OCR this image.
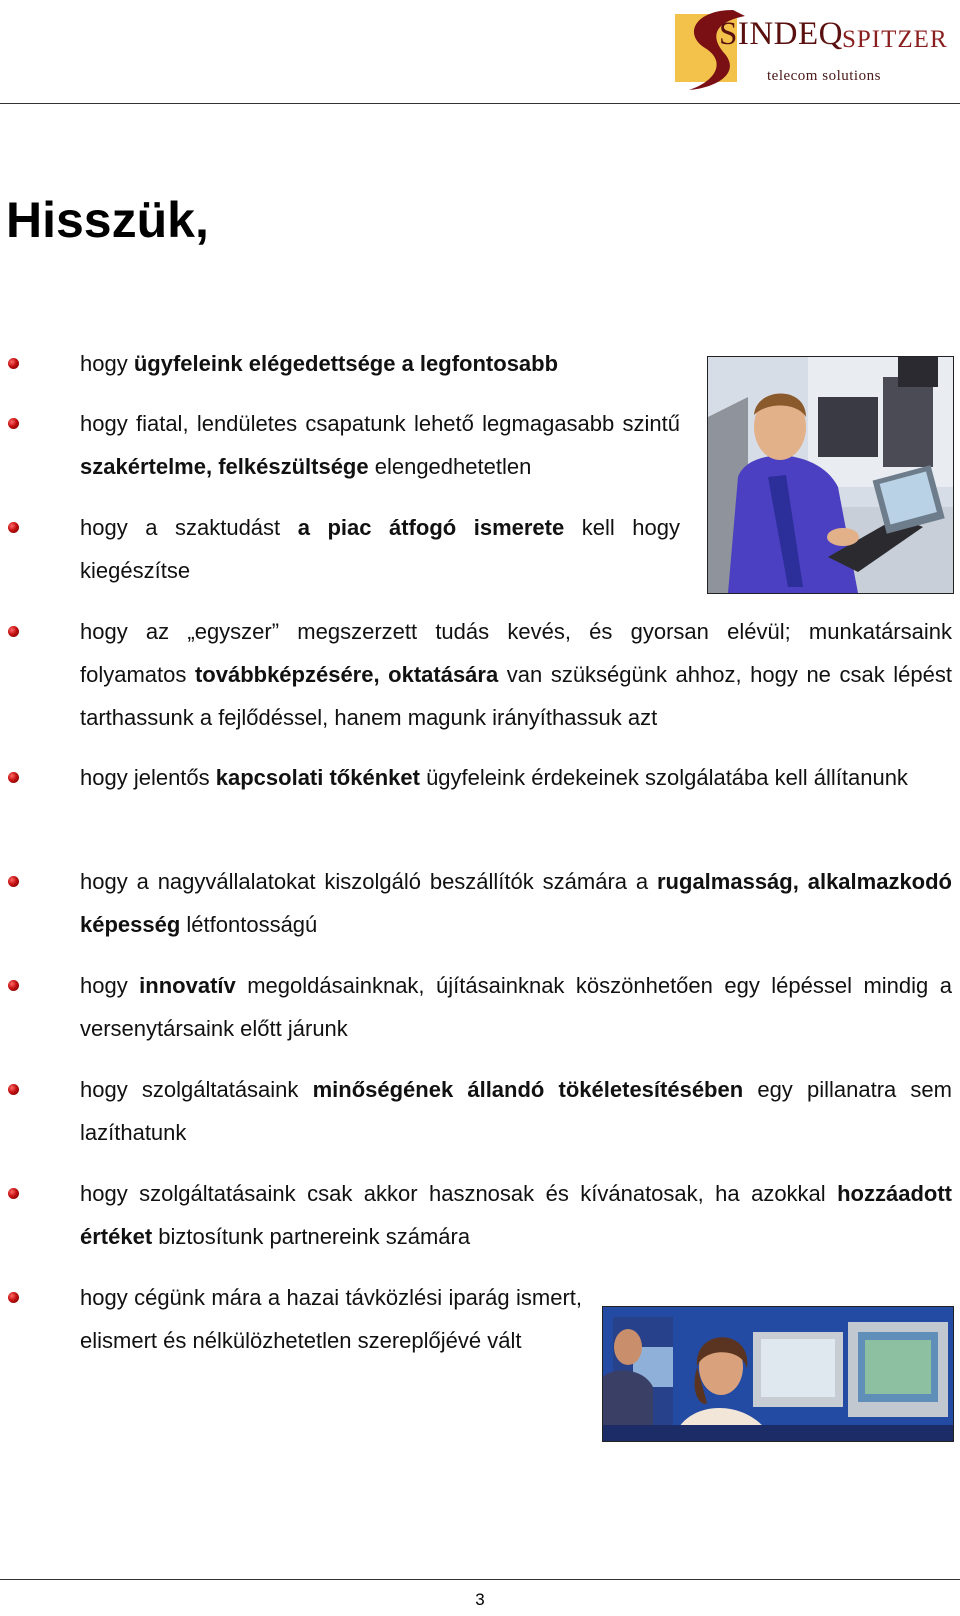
SINDEQ SPITZER
telecom solutions
Hisszük,
hogy ügyfeleink elégedettsége a legfontosabb
hogy fiatal, lendületes csapatunk lehető legmagasabb szintű szakértelme, felkészültsége elengedhetetlen
hogy a szaktudást a piac átfogó ismerete kell hogy kiegészítse
hogy az „egyszer” megszerzett tudás kevés, és gyorsan elévül; munkatársaink folyamatos továbbképzésére, oktatására van szükségünk ahhoz, hogy ne csak lépést tarthassunk a fejlődéssel, hanem magunk irányíthassuk azt
hogy jelentős kapcsolati tőkénket ügyfeleink érdekeinek szolgálatába kell állítanunk
hogy a nagyvállalatokat kiszolgáló beszállítók számára a rugalmasság, alkalmazkodó képesség létfontosságú
hogy innovatív megoldásainknak, újításainknak köszönhetően egy lépéssel mindig a versenytársaink előtt járunk
hogy szolgáltatásaink minőségének állandó tökéletesítésében egy pillanatra sem lazíthatunk
hogy szolgáltatásaink csak akkor hasznosak és kívánatosak, ha azokkal hozzáadott értéket biztosítunk partnereink számára
hogy cégünk mára a hazai távközlési iparág ismert, elismert és nélkülözhetetlen szereplőjévé vált
3
